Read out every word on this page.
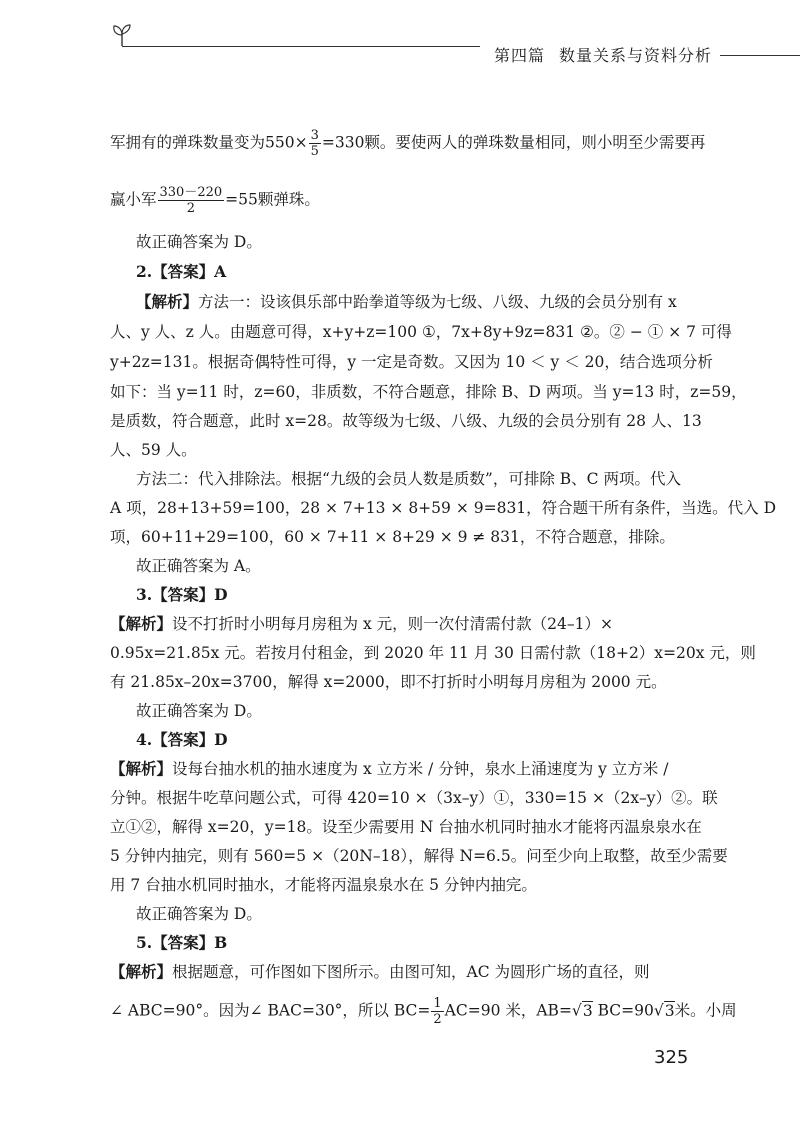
第四篇 数量关系与资料分析
军拥有的弹珠数量变为$550\times \frac{3}{5} =330$颗。要使两人的弹珠数量相同，则小明至少需要再
赢小军 $\frac{330-220}{2} =55$颗弹珠。
故正确答案为 D。
2.【答案】A
【解析】方法一：设该俱乐部中跆拳道等级为七级、八级、九级的会员分别有 x
人、y 人、z 人。由题意可得，x+y+z=100 ①，7x+8y+9z=831 ②。② − ① × 7 可得
y+2z=131。根据奇偶特性可得，y 一定是奇数。又因为 10 ＜ y ＜ 20，结合选项分析
如下：当 y=11 时，z=60，非质数，不符合题意，排除 B、D 两项。当 y=13 时，z=59，
是质数，符合题意，此时 x=28。故等级为七级、八级、九级的会员分别有 28 人、13
人、59 人。
方法二：代入排除法。根据“九级的会员人数是质数”，可排除 B、C 两项。代入
A 项，28+13+59=100，28 × 7+13 × 8+59 × 9=831，符合题干所有条件，当选。代入 D
项，60+11+29=100，60 × 7+11 × 8+29 × 9 ≠ 831，不符合题意，排除。
故正确答案为 A。
3.【答案】D
【解析】设不打折时小明每月房租为 x 元，则一次付清需付款（24–1）×
0.95x=21.85x 元。若按月付租金，到 2020 年 11 月 30 日需付款（18+2）x=20x 元，则
有 21.85x–20x=3700，解得 x=2000，即不打折时小明每月房租为 2000 元。
故正确答案为 D。
4.【答案】D
【解析】设每台抽水机的抽水速度为 x 立方米 / 分钟，泉水上涌速度为 y 立方米 /
分钟。根据牛吃草问题公式，可得 420=10 ×（3x–y）①，330=15 ×（2x–y）②。联
立①②，解得 x=20，y=18。设至少需要用 N 台抽水机同时抽水才能将丙温泉泉水在
5 分钟内抽完，则有 560=5 ×（20N–18），解得 N=6.5。问至少向上取整，故至少需要
用 7 台抽水机同时抽水，才能将丙温泉泉水在 5 分钟内抽完。
故正确答案为 D。
5.【答案】B
【解析】根据题意，可作图如下图所示。由图可知，AC 为圆形广场的直径，则
∠ ABC=90°。因为∠ BAC=30°，所以 $BC= \frac{1}{2} AC=90$ 米，AB=√3 BC=90√3米。小周
325
